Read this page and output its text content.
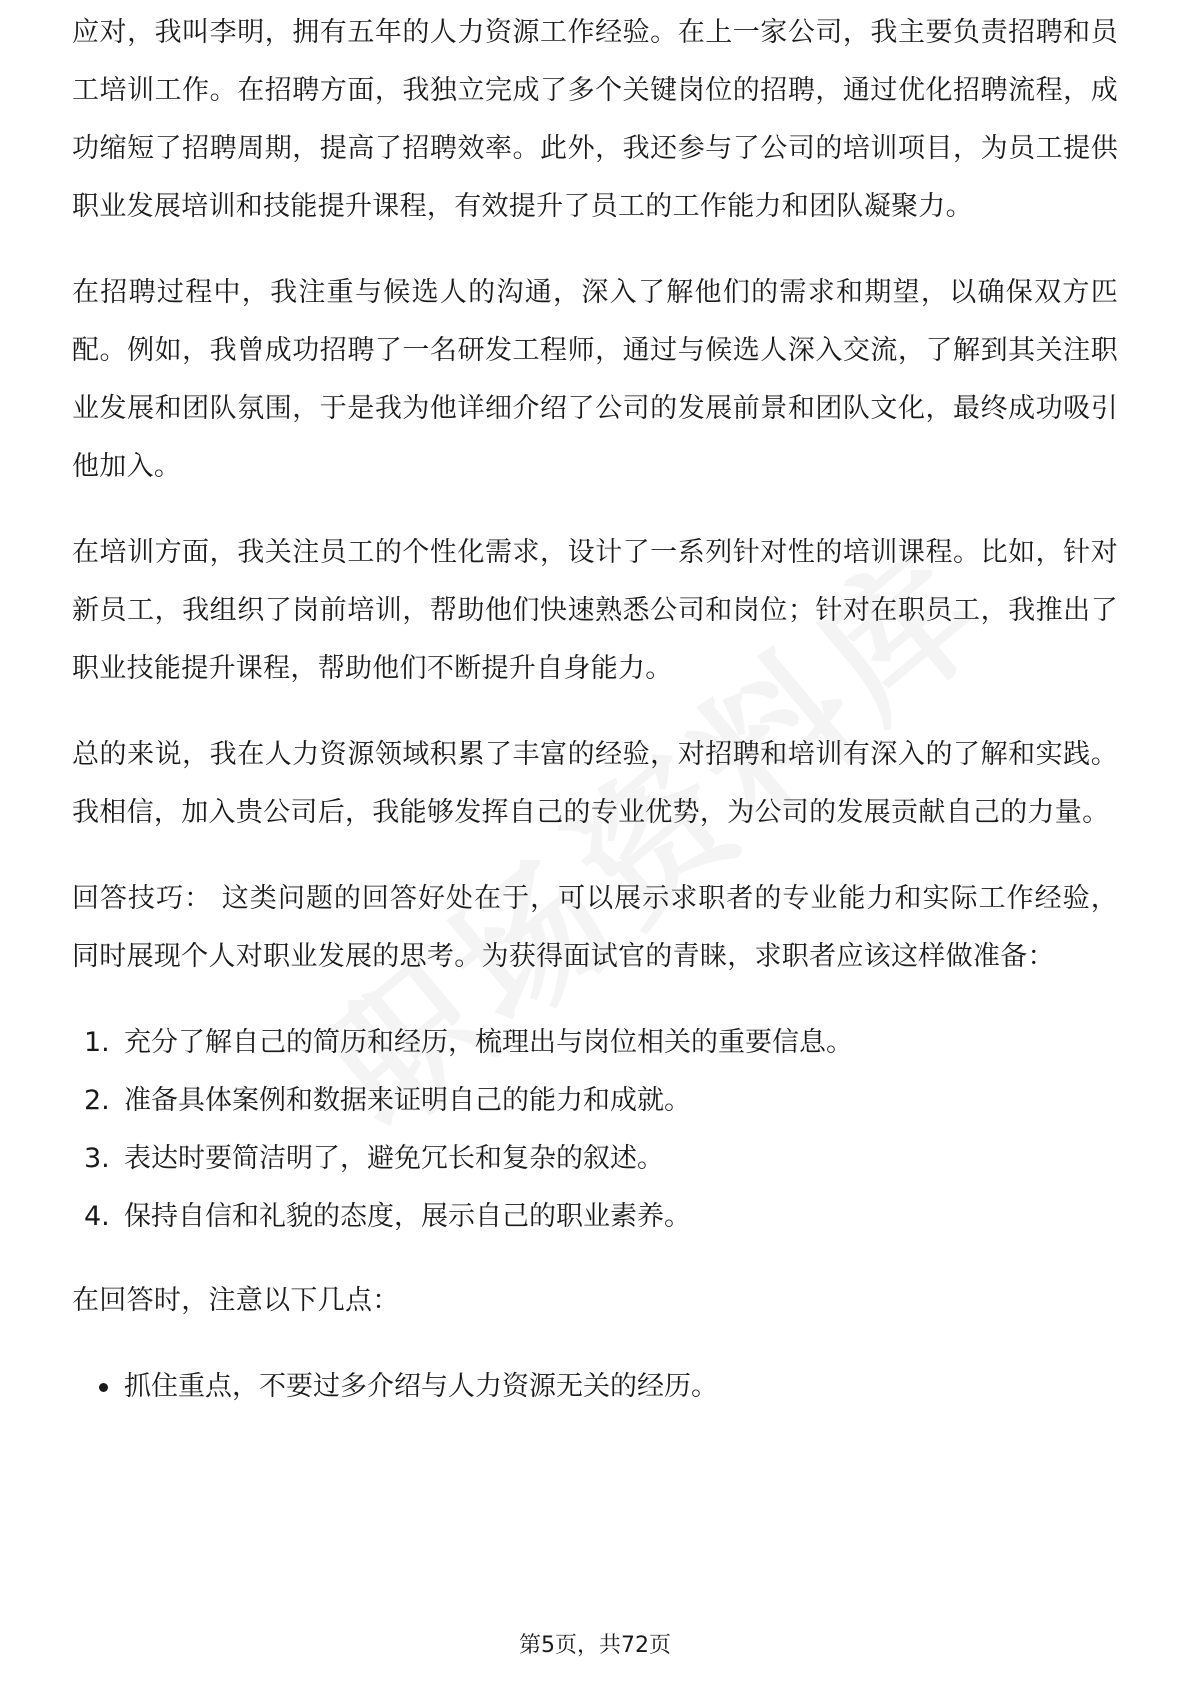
应对，我叫李明，拥有五年的人力资源工作经验。在上一家公司，我主要负责招聘和员工培训工作。在招聘方面，我独立完成了多个关键岗位的招聘，通过优化招聘流程，成功缩短了招聘周期，提高了招聘效率。此外，我还参与了公司的培训项目，为员工提供职业发展培训和技能提升课程，有效提升了员工的工作能力和团队凝聚力。

在招聘过程中，我注重与候选人的沟通，深入了解他们的需求和期望，以确保双方匹配。例如，我曾成功招聘了一名研发工程师，通过与候选人深入交流，了解到其关注职业发展和团队氛围，于是我为他详细介绍了公司的发展前景和团队文化，最终成功吸引他加入。

在培训方面，我关注员工的个性化需求，设计了一系列针对性的培训课程。比如，针对新员工，我组织了岗前培训，帮助他们快速熟悉公司和岗位；针对在职员工，我推出了职业技能提升课程，帮助他们不断提升自身能力。

总的来说，我在人力资源领域积累了丰富的经验，对招聘和培训有深入的了解和实践。我相信，加入贵公司后，我能够发挥自己的专业优势，为公司的发展贡献自己的力量。

回答技巧： 这类问题的回答好处在于，可以展示求职者的专业能力和实际工作经验，同时展现个人对职业发展的思考。为获得面试官的青睐，求职者应该这样做准备：

1. 充分了解自己的简历和经历，梳理出与岗位相关的重要信息。
2. 准备具体案例和数据来证明自己的能力和成就。
3. 表达时要简洁明了，避免冗长和复杂的叙述。
4. 保持自信和礼貌的态度，展示自己的职业素养。

在回答时，注意以下几点：

抓住重点，不要过多介绍与人力资源无关的经历。
第5页，共72页
